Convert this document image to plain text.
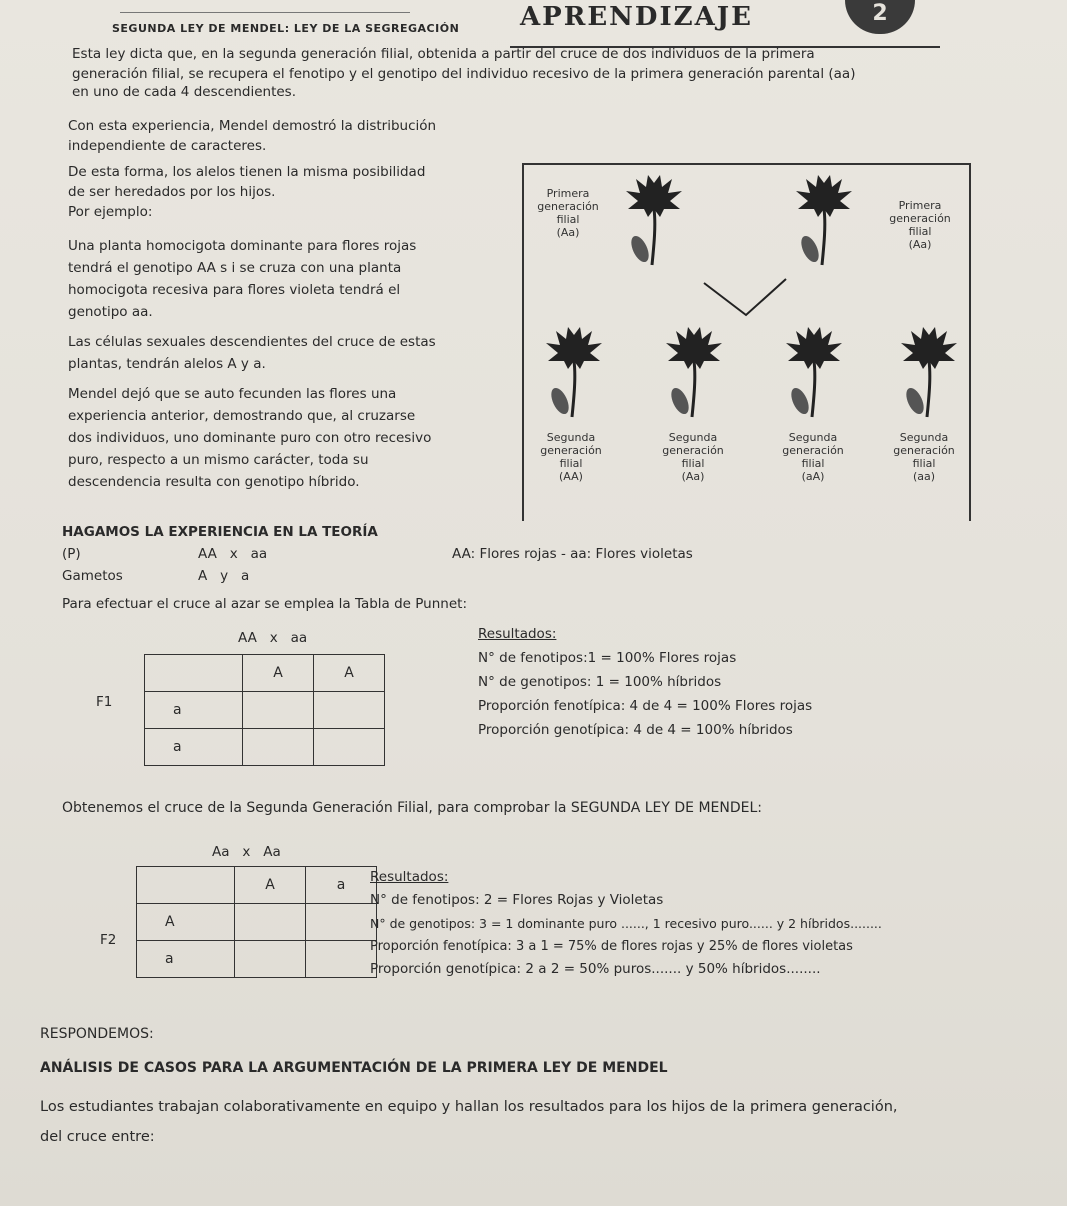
SEGUNDA LEY DE MENDEL: LEY DE LA SEGREGACIÓN APRENDIZAJE	2
Esta ley dicta que, en la segunda generación filial, obtenida a partir del cruce de dos individuos de la primera
generación filial, se recupera el fenotipo y el genotipo del individuo recesivo de la primera generación parental (aa)
en uno de cada 4 descendientes.
Con esta experiencia, Mendel demostró la distribución
independiente de caracteres.
De esta forma, los alelos tienen la misma posibilidad
de ser heredados por los hijos.
Por ejemplo:
Una planta homocigota dominante para flores rojas
tendrá el genotipo AA s i se cruza con una planta
homocigota recesiva para flores violeta tendrá el
genotipo aa.
Las células sexuales descendientes del cruce de estas
plantas, tendrán alelos A y a.
Mendel dejó que se auto fecunden las flores una
experiencia anterior, demostrando que, al cruzarse
dos individuos, uno dominante puro con otro recesivo
puro, respecto a un mismo carácter, toda su
descendencia resulta con genotipo híbrido.
Primera
generación
filial
(Aa)
Primera
generación
filial
(Aa)
Segunda
generación
filial
(AA)
Segunda
generación
filial
(Aa)
Segunda
generación
filial
(aA)
Segunda
generación
filial
(aa)
HAGAMOS LA EXPERIENCIA EN LA TEORÍA
(P)	AA   x   aa	AA: Flores rojas - aa: Flores violetas
Gametos	A   y   a
Para efectuar el cruce al azar se emplea la Tabla de Punnet:
AA   x   aa
F1
	A	A
a		
a		
Resultados:
N° de fenotipos:1 = 100% Flores rojas
N° de genotipos: 1 = 100% híbridos
Proporción fenotípica: 4 de 4 = 100% Flores rojas
Proporción genotípica: 4 de 4 = 100% híbridos
Obtenemos el cruce de la Segunda Generación Filial, para comprobar la SEGUNDA LEY DE MENDEL:
Aa   x   Aa
F2
	A	a
A		
a		
Resultados:
N° de fenotipos: 2 = Flores Rojas y Violetas
N° de genotipos: 3 = 1 dominante puro ......, 1 recesivo puro...... y 2 híbridos........
Proporción fenotípica: 3 a 1 = 75% de flores rojas y 25% de flores violetas
Proporción genotípica: 2 a 2 = 50% puros....... y 50% híbridos........
RESPONDEMOS:
ANÁLISIS DE CASOS PARA LA ARGUMENTACIÓN DE LA PRIMERA LEY DE MENDEL
Los estudiantes trabajan colaborativamente en equipo y hallan los resultados para los hijos de la primera generación,
del cruce entre:
